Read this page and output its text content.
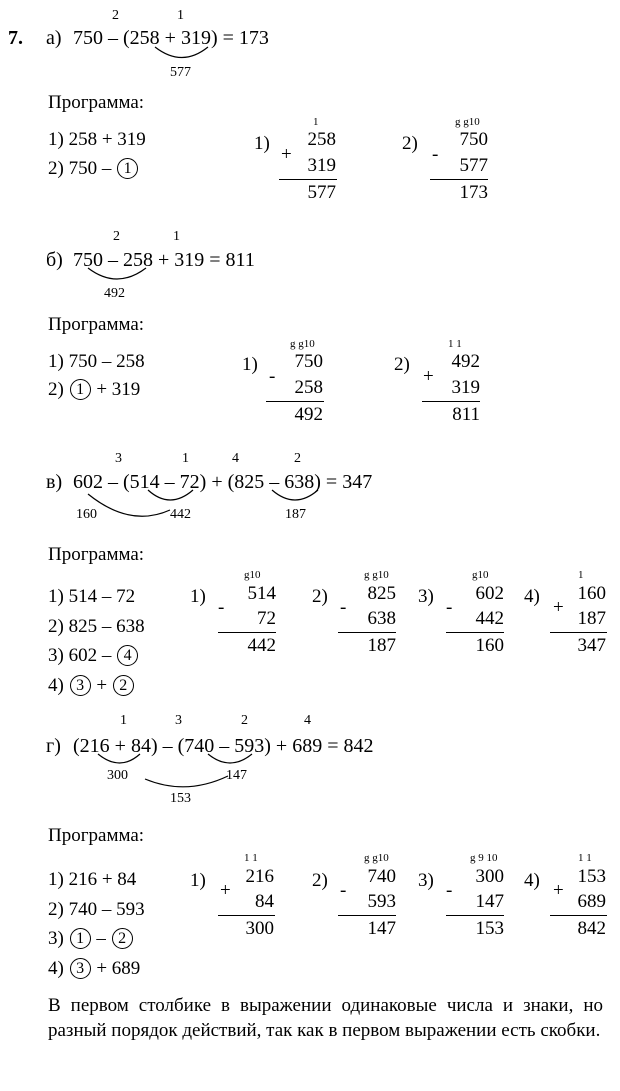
7. а) 750 – (258 + 319) = 173
2	1
577
Программа:
1) 258 + 319
2) 750 – 1
1)
+
1
258
319
577
2)
-
g g10
750
577
173
б) 750 – 258 + 319 = 811
2	1
492
Программа:
1) 750 – 258
2) 1 + 319
1)
-
g g10
750
258
492
2)
+
1 1
492
319
811
в) 602 – (514 – 72) + (825 – 638) = 347
3	1	4	2
160	442	187
Программа:
1) 514 – 72
2) 825 – 638
3) 602 – 4
4) 3 + 2
1)
-
g10
514
72
442
2)
-
g g10
825
638
187
3)
-
g10
602
442
160
4)
+
1
160
187
347
г) (216 + 84) – (740 – 593) + 689 = 842
1	3	2	4
300	147
153
Программа:
1) 216 + 84
2) 740 – 593
3) 1 – 2
4) 3 + 689
1) +
1 1
216
84
300
2) -
g g10
740
593
147
3) -
g 9 10
300
147
153
4) +
1 1
153
689
842
В первом столбике в выражении одинаковые числа и знаки, но разный порядок действий, так как в первом выражении есть скобки.
